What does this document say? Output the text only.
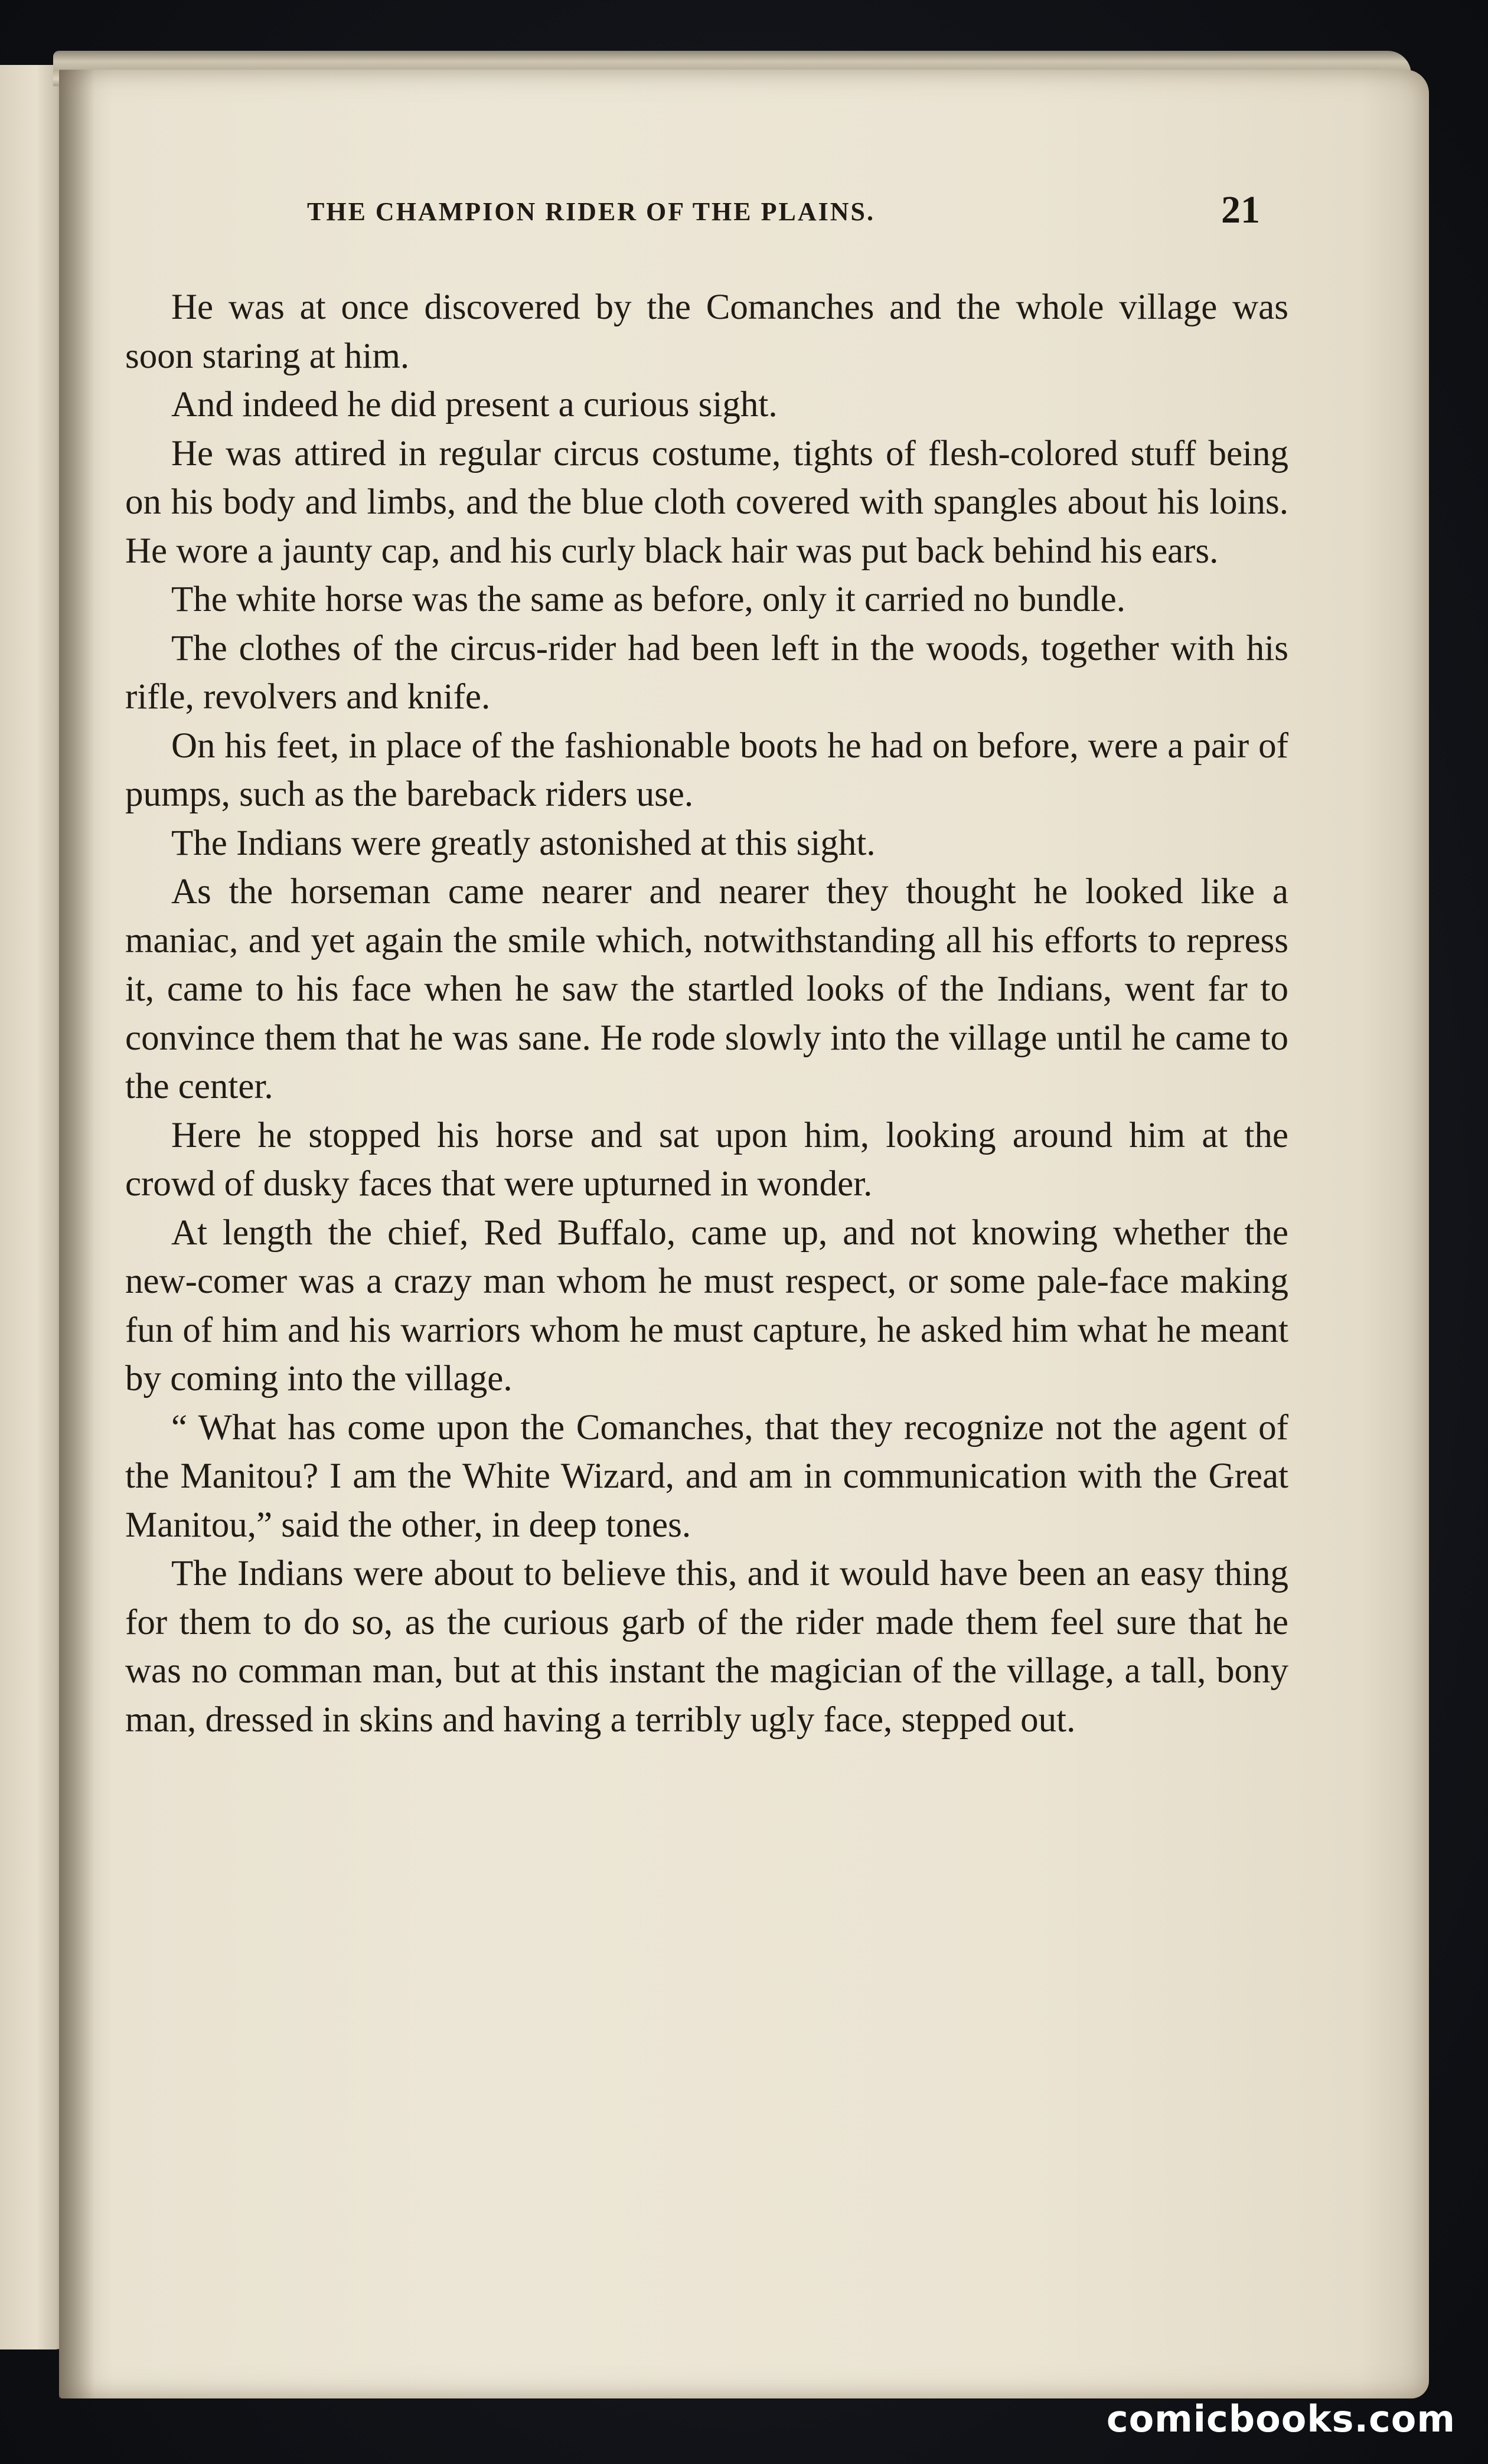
THE CHAMPION RIDER OF THE PLAINS.	21

He was at once discovered by the Comanches and the whole village was soon staring at him.

And indeed he did present a curious sight.

He was attired in regular circus costume, tights of flesh-colored stuff being on his body and limbs, and the blue cloth covered with spangles about his loins. He wore a jaunty cap, and his curly black hair was put back behind his ears.

The white horse was the same as before, only it carried no bundle.

The clothes of the circus-rider had been left in the woods, together with his rifle, revolvers and knife.

On his feet, in place of the fashionable boots he had on before, were a pair of pumps, such as the bareback riders use.

The Indians were greatly astonished at this sight.

As the horseman came nearer and nearer they thought he looked like a maniac, and yet again the smile which, notwithstanding all his efforts to repress it, came to his face when he saw the startled looks of the Indians, went far to convince them that he was sane. He rode slowly into the village until he came to the center.

Here he stopped his horse and sat upon him, looking around him at the crowd of dusky faces that were upturned in wonder.

At length the chief, Red Buffalo, came up, and not knowing whether the new-comer was a crazy man whom he must respect, or some pale-face making fun of him and his warriors whom he must capture, he asked him what he meant by coming into the village.

“ What has come upon the Comanches, that they recognize not the agent of the Manitou? I am the White Wizard, and am in communication with the Great Manitou,” said the other, in deep tones.

The Indians were about to believe this, and it would have been an easy thing for them to do so, as the curious garb of the rider made them feel sure that he was no comman man, but at this instant the magician of the village, a tall, bony man, dressed in skins and having a terribly ugly face, stepped out.

comicbooks.com
